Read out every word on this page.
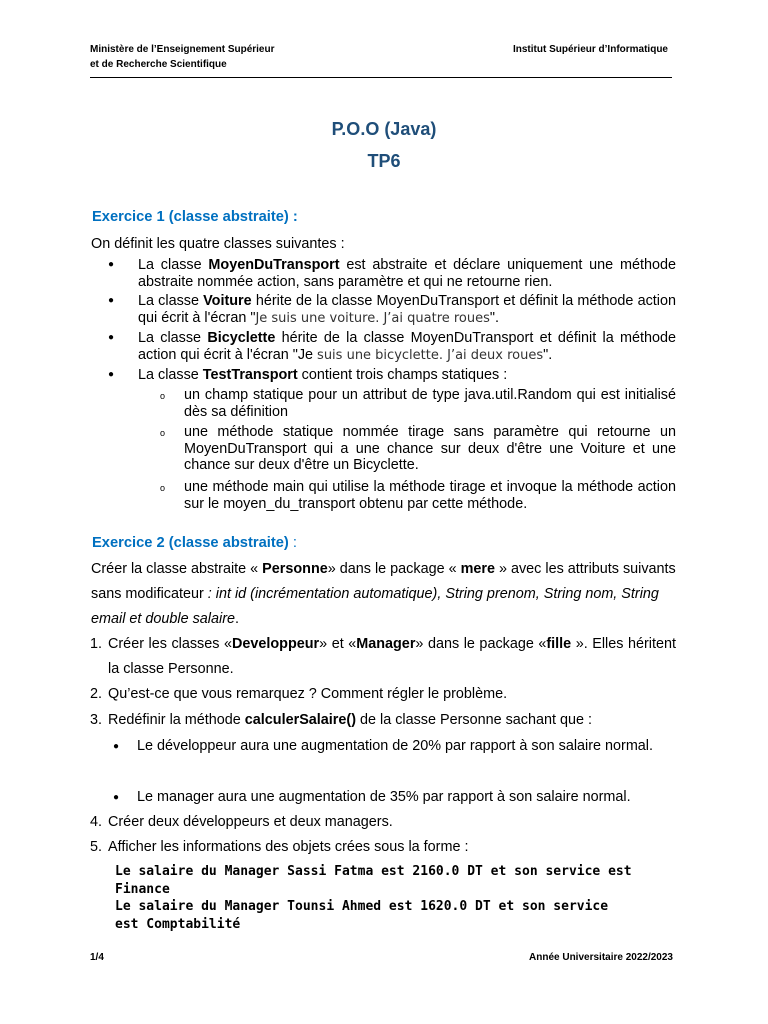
Ministère de l’Enseignement Supérieur
et de Recherche Scientifique
Institut Supérieur d’Informatique
P.O.O (Java)
TP6
Exercice 1 (classe abstraite) :
On définit les quatre classes suivantes :
● La classe MoyenDuTransport est abstraite et déclare uniquement une méthode abstraite nommée action, sans paramètre et qui ne retourne rien.
● La classe Voiture hérite de la classe MoyenDuTransport et définit la méthode action qui écrit à l'écran "Je suis une voiture. J’ai quatre roues".
● La classe Bicyclette hérite de la classe MoyenDuTransport et définit la méthode action qui écrit à l'écran "Je suis une bicyclette. J’ai deux roues".
● La classe TestTransport contient trois champs statiques :
o un champ statique pour un attribut de type java.util.Random qui est initialisé dès sa définition
o une méthode statique nommée tirage sans paramètre qui retourne un MoyenDuTransport qui a une chance sur deux d'être une Voiture et une chance sur deux d'être un Bicyclette.
o une méthode main qui utilise la méthode tirage et invoque la méthode action sur le moyen_du_transport obtenu par cette méthode.
Exercice 2 (classe abstraite) :
Créer la classe abstraite « Personne» dans le package « mere » avec les attributs suivants sans modificateur : int id (incrémentation automatique), String prenom, String nom, String email et double salaire.
1. Créer les classes «Developpeur» et «Manager» dans le package «fille ». Elles héritent la classe Personne.
2. Qu’est-ce que vous remarquez ? Comment régler le problème.
3. Redéfinir la méthode calculerSalaire() de la classe Personne sachant que :
● Le développeur aura une augmentation de 20% par rapport à son salaire normal.
● Le manager aura une augmentation de 35% par rapport à son salaire normal.
4. Créer deux développeurs et deux managers.
5. Afficher les informations des objets crées sous la forme :
Le salaire du Manager Sassi Fatma est 2160.0 DT et son service est
Finance
Le salaire du Manager Tounsi Ahmed est 1620.0 DT et son service
est Comptabilité
1/4	Année Universitaire 2022/2023
